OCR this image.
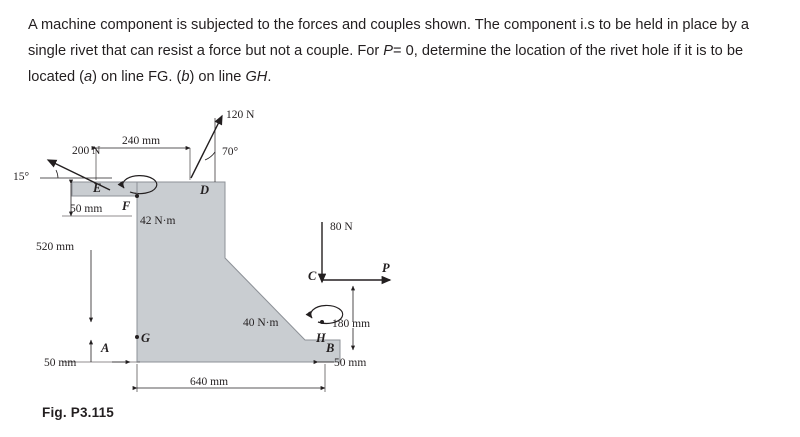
A machine component is subjected to the forces and couples shown. The component i.s to be held in place by a single rivet that can resist a force but not a couple. For P= 0, determine the location of the rivet hole if it is to be located (a) on line FG. (b) on line GH.
120 N
70°
200 N
15°
42 N·m	80 N
P
40 N·m
D
E
F
G
C
H
B
A
240 mm
50 mm
520 mm
50 mm
640 mm
180 mm
50 mm
Fig. P3.115
